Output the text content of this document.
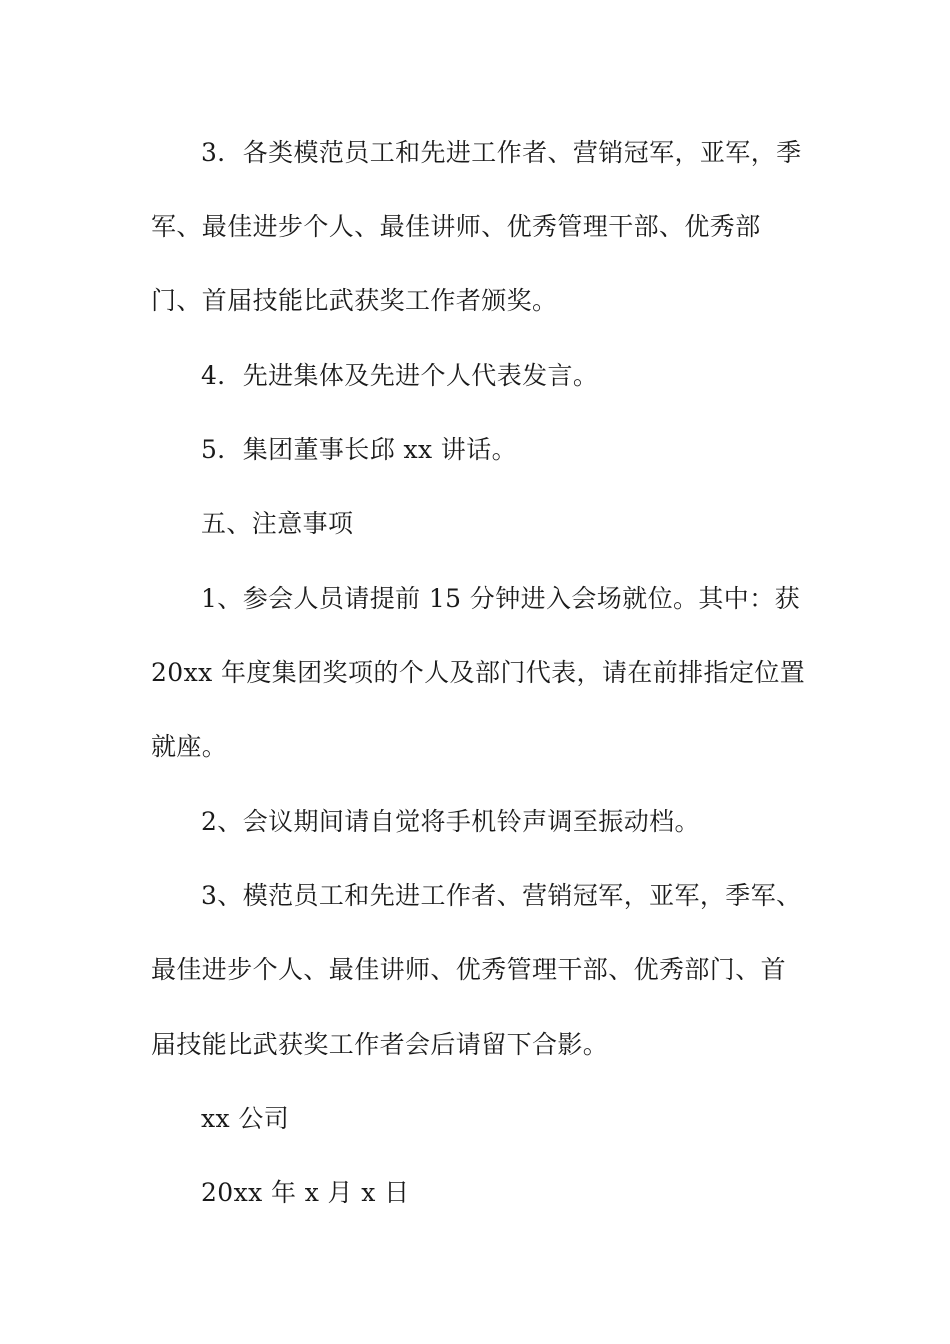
3．各类模范员工和先进工作者、营销冠军，亚军，季
军、最佳进步个人、最佳讲师、优秀管理干部、优秀部
门、首届技能比武获奖工作者颁奖。
4．先进集体及先进个人代表发言。
5．集团董事长邱 xx 讲话。
五、注意事项
1、参会人员请提前 15 分钟进入会场就位。其中：获
20xx 年度集团奖项的个人及部门代表，请在前排指定位置
就座。
2、会议期间请自觉将手机铃声调至振动档。
3、模范员工和先进工作者、营销冠军，亚军，季军、
最佳进步个人、最佳讲师、优秀管理干部、优秀部门、首
届技能比武获奖工作者会后请留下合影。
xx 公司
20xx 年 x 月 x 日
